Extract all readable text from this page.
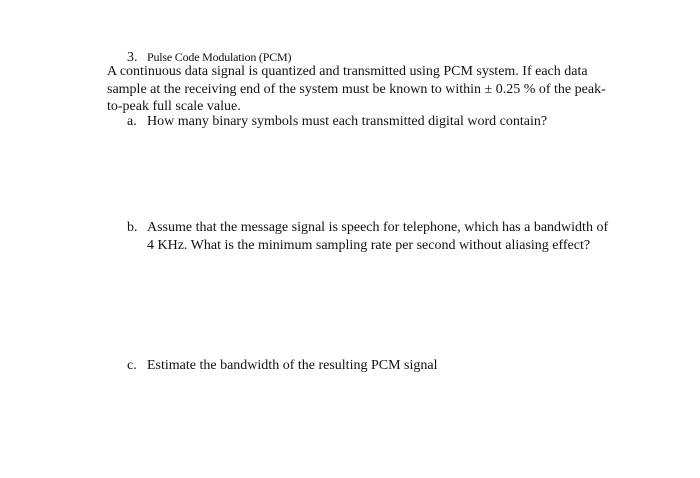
3. Pulse Code Modulation (PCM)
A continuous data signal is quantized and transmitted using PCM system. If each data
sample at the receiving end of the system must be known to within ± 0.25 % of the peak-
to-peak full scale value.
a. How many binary symbols must each transmitted digital word contain?
b. Assume that the message signal is speech for telephone, which has a bandwidth of
4 KHz. What is the minimum sampling rate per second without aliasing effect?
c. Estimate the bandwidth of the resulting PCM signal
